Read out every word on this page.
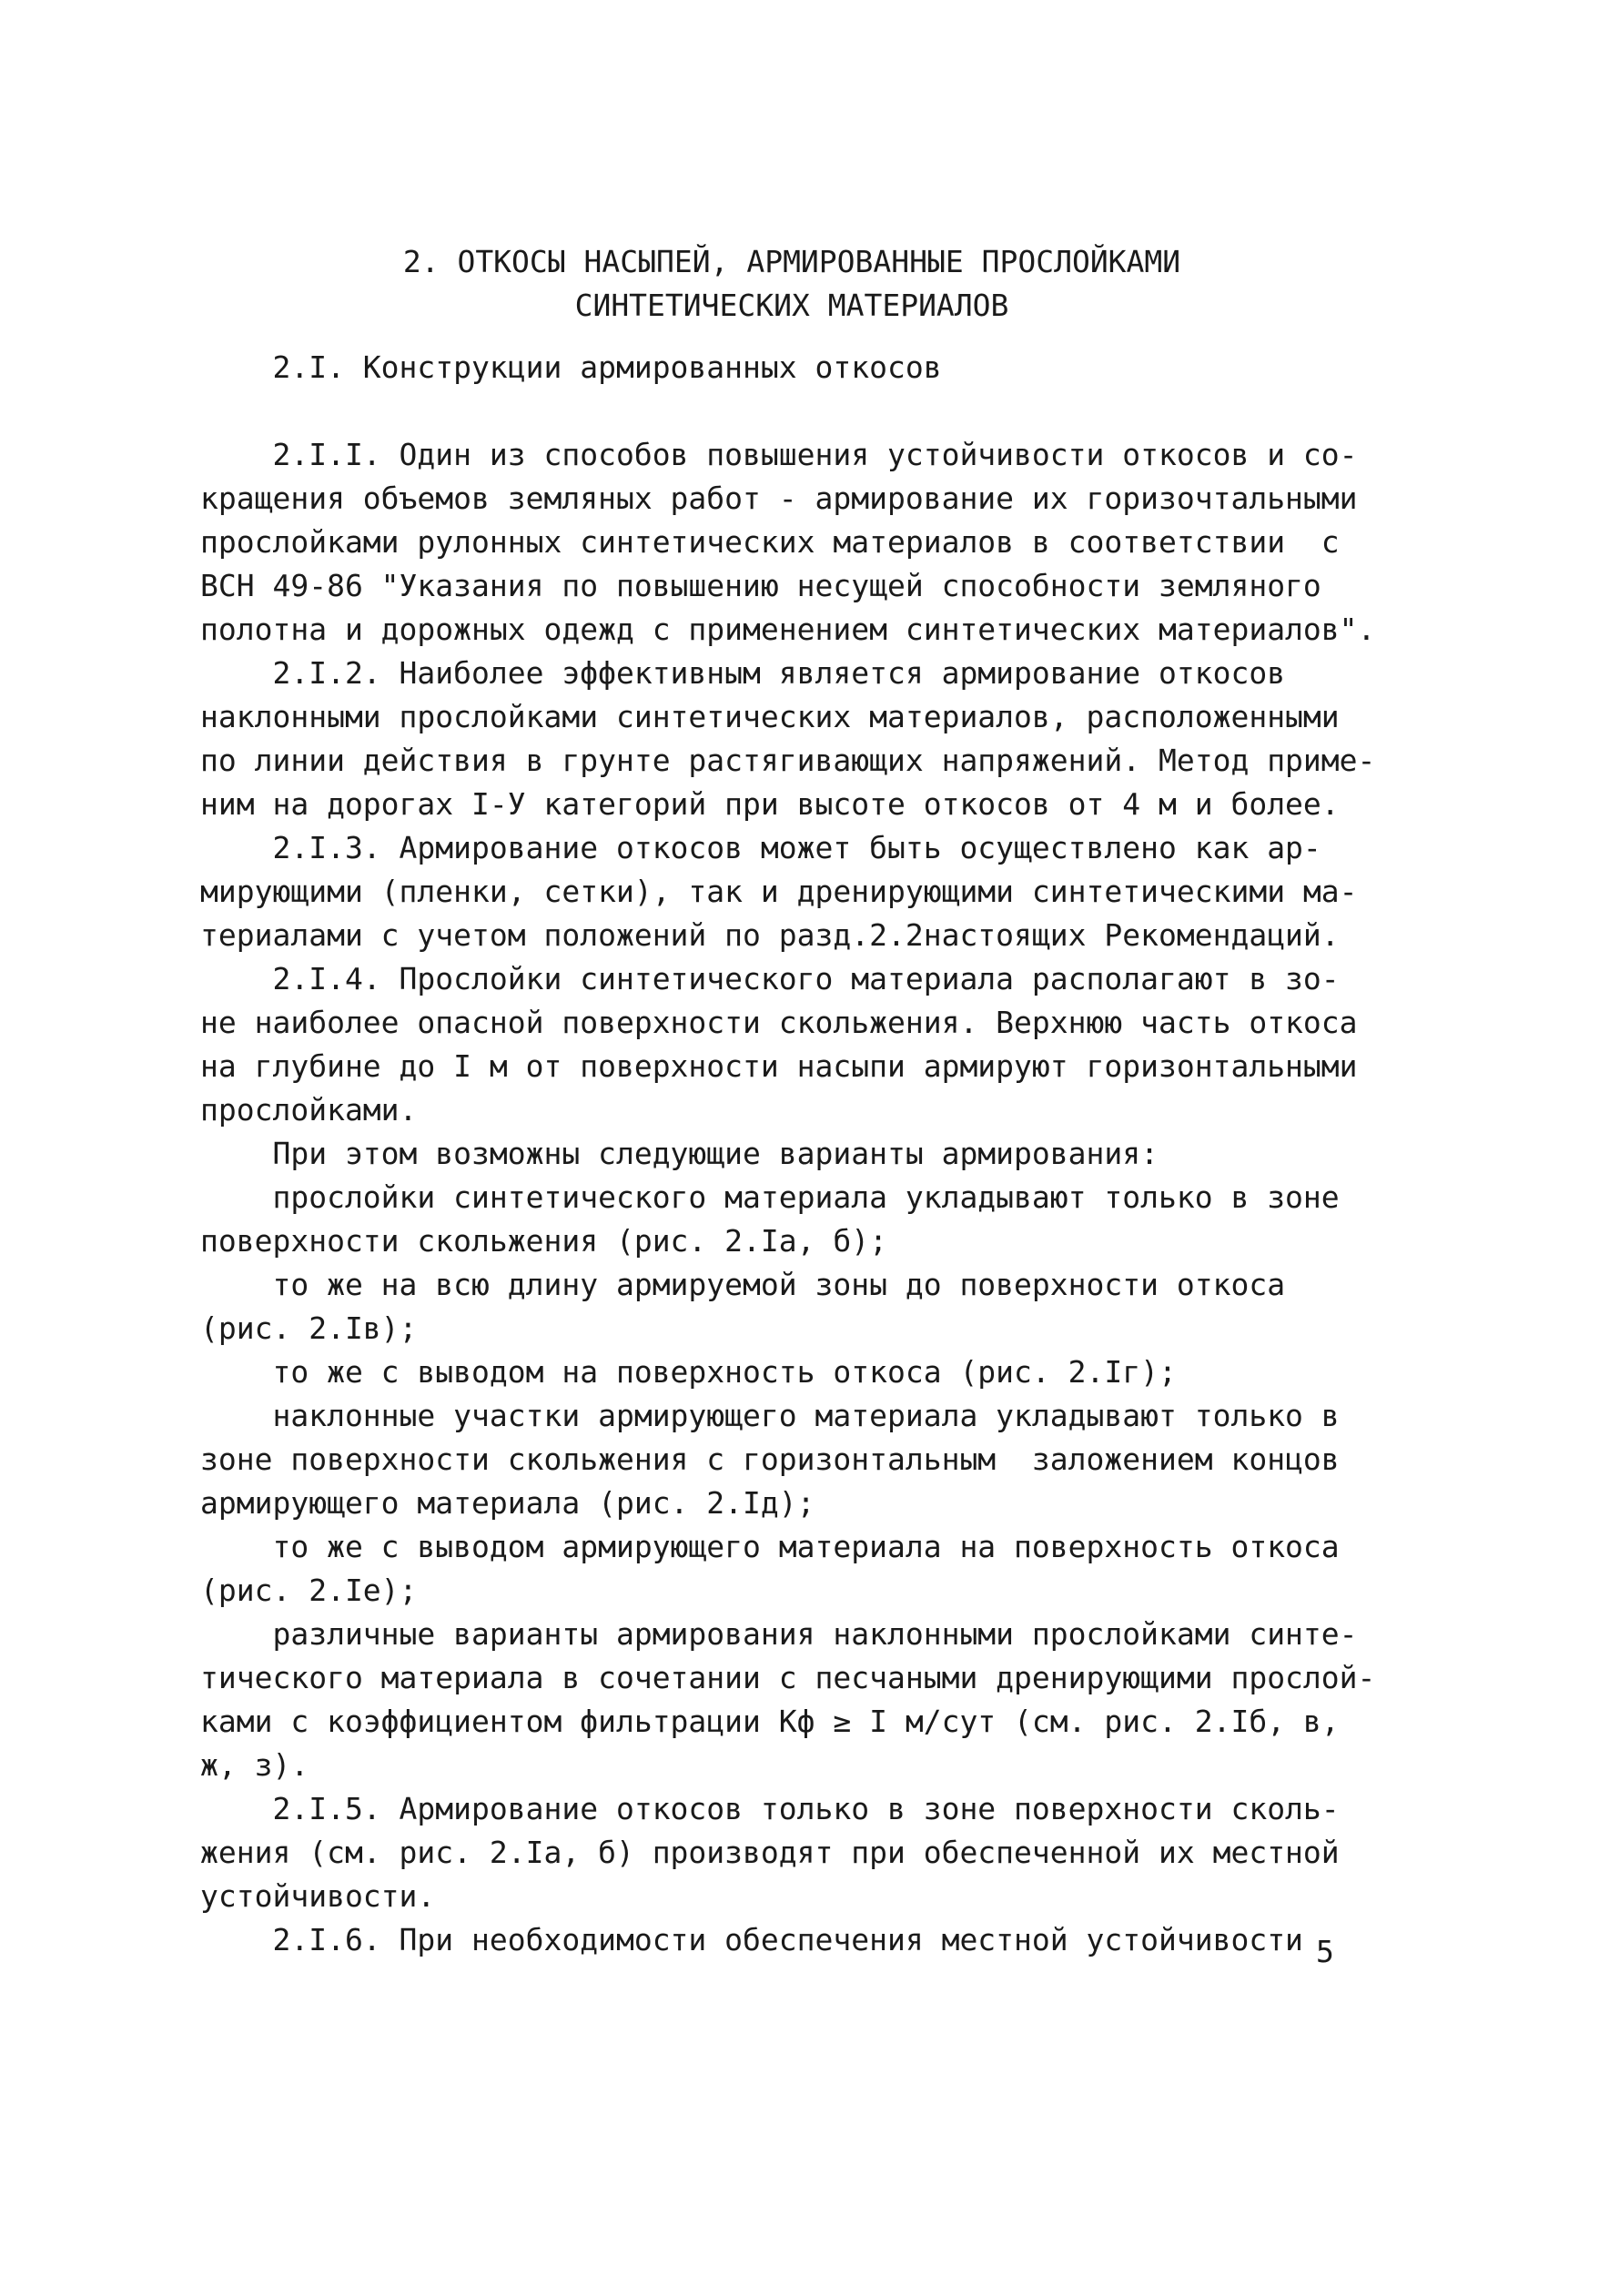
2. ОТКОСЫ НАСЫПЕЙ, АРМИРОВАННЫЕ ПРОСЛОЙКАМИ
СИНТЕТИЧЕСКИХ МАТЕРИАЛОВ
2.I. Конструкции армированных откосов
2.I.I. Один из способов повышения устойчивости откосов и со-
кращения объемов земляных работ - армирование их горизочтальными
прослойками рулонных синтетических материалов в соответствии  с
ВСН 49-86 "Указания по повышению несущей способности земляного
полотна и дорожных одежд с применением синтетических материалов".
2.I.2. Наиболее эффективным является армирование откосов
наклонными прослойками синтетических материалов, расположенными
по линии действия в грунте растягивающих напряжений. Метод приме-
ним на дорогах I-У категорий при высоте откосов от 4 м и более.
2.I.3. Армирование откосов может быть осуществлено как ар-
мирующими (пленки, сетки), так и дренирующими синтетическими ма-
териалами с учетом положений по разд.2.2настоящих Рекомендаций.
2.I.4. Прослойки синтетического материала располагают в зо-
не наиболее опасной поверхности скольжения. Верхнюю часть откоса
на глубине до I м от поверхности насыпи армируют горизонтальными
прослойками.
При этом возможны следующие варианты армирования:
прослойки синтетического материала укладывают только в зоне
поверхности скольжения (рис. 2.Iа, б);
то же на всю длину армируемой зоны до поверхности откоса
(рис. 2.Iв);
то же с выводом на поверхность откоса (рис. 2.Iг);
наклонные участки армирующего материала укладывают только в
зоне поверхности скольжения с горизонтальным  заложением концов
армирующего материала (рис. 2.Iд);
то же с выводом армирующего материала на поверхность откоса
(рис. 2.Iе);
различные варианты армирования наклонными прослойками синте-
тического материала в сочетании с песчаными дренирующими прослой-
ками с коэффициентом фильтрации Кф ≥ I м/сут (см. рис. 2.Iб, в,
ж, з).
2.I.5. Армирование откосов только в зоне поверхности сколь-
жения (см. рис. 2.Iа, б) производят при обеспеченной их местной
устойчивости.
2.I.6. При необходимости обеспечения местной устойчивости 5
